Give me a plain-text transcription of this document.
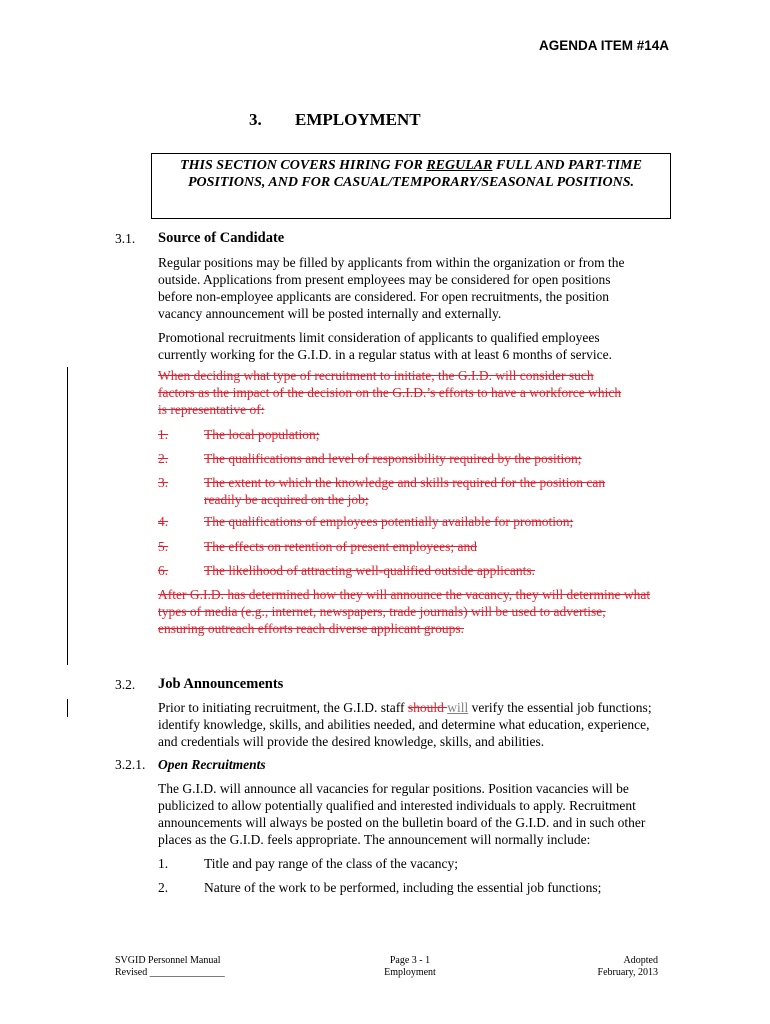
AGENDA ITEM #14A
3. EMPLOYMENT
THIS SECTION COVERS HIRING FOR REGULAR FULL AND PART-TIME POSITIONS, AND FOR CASUAL/TEMPORARY/SEASONAL POSITIONS.
3.1. Source of Candidate
Regular positions may be filled by applicants from within the organization or from the outside. Applications from present employees may be considered for open positions before non-employee applicants are considered. For open recruitments, the position vacancy announcement will be posted internally and externally.
Promotional recruitments limit consideration of applicants to qualified employees currently working for the G.I.D. in a regular status with at least 6 months of service.
When deciding what type of recruitment to initiate, the G.I.D. will consider such factors as the impact of the decision on the G.I.D.’s efforts to have a workforce which is representative of:
1.	The local population;
2.	The qualifications and level of responsibility required by the position;
3.	The extent to which the knowledge and skills required for the position can readily be acquired on the job;
4.	The qualifications of employees potentially available for promotion;
5.	The effects on retention of present employees; and
6.	The likelihood of attracting well-qualified outside applicants.
After G.I.D. has determined how they will announce the vacancy, they will determine what types of media (e.g., internet, newspapers, trade journals) will be used to advertise, ensuring outreach efforts reach diverse applicant groups.
3.2. Job Announcements
Prior to initiating recruitment, the G.I.D. staff should will verify the essential job functions; identify knowledge, skills, and abilities needed, and determine what education, experience, and credentials will provide the desired knowledge, skills, and abilities.
3.2.1. Open Recruitments
The G.I.D. will announce all vacancies for regular positions. Position vacancies will be publicized to allow potentially qualified and interested individuals to apply. Recruitment announcements will always be posted on the bulletin board of the G.I.D. and in such other places as the G.I.D. feels appropriate. The announcement will normally include:
1.	Title and pay range of the class of the vacancy;
2.	Nature of the work to be performed, including the essential job functions;
SVGID Personnel Manual
Revised _______________
Page 3 - 1
Employment
Adopted
February, 2013
